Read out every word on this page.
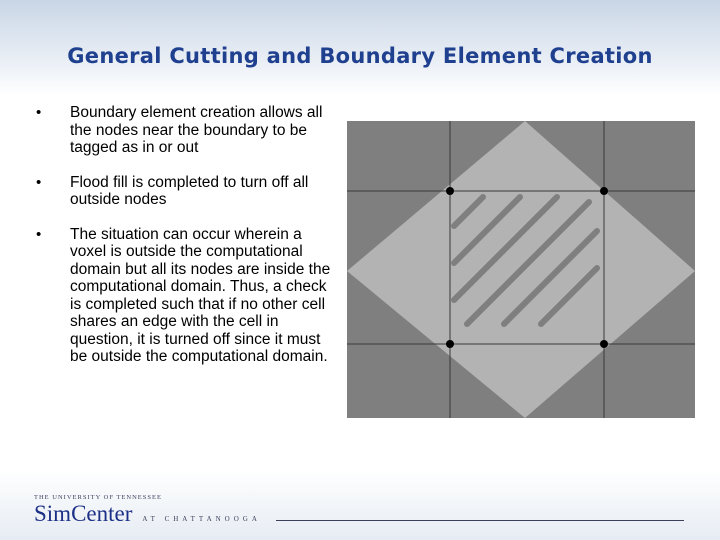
General Cutting and Boundary Element Creation
• Boundary element creation allows all the nodes near the boundary to be tagged as in or out
• Flood fill is completed to turn off all outside nodes
• The situation can occur wherein a voxel is outside the computational domain but all its nodes are inside the computational domain. Thus, a check is completed such that if no other cell shares an edge with the cell in question, it is turned off since it must be outside the computational domain.
THE UNIVERSITY OF TENNESSEE
SimCenter AT CHATTANOOGA
